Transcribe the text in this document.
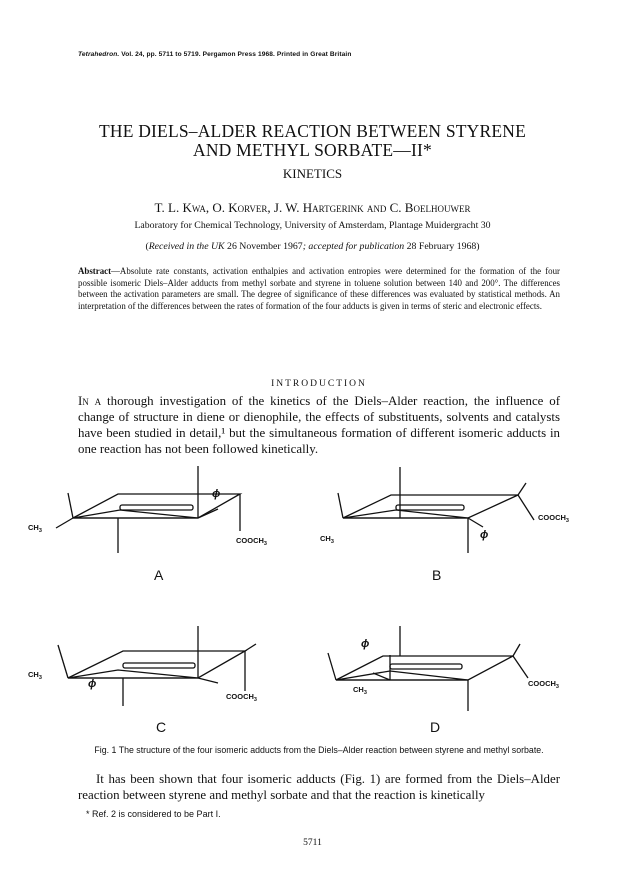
Tetrahedron. Vol. 24, pp. 5711 to 5719. Pergamon Press 1968. Printed in Great Britain
THE DIELS–ALDER REACTION BETWEEN STYRENE
AND METHYL SORBATE—II*
KINETICS
T. L. Kwa, O. Korver, J. W. Hartgerink and C. Boelhouwer
Laboratory for Chemical Technology, University of Amsterdam, Plantage Muidergracht 30
(Received in the UK 26 November 1967; accepted for publication 28 February 1968)
Abstract—Absolute rate constants, activation enthalpies and activation entropies were determined for the formation of the four possible isomeric Diels–Alder adducts from methyl sorbate and styrene in toluene solution between 140 and 200°. The differences between the activation parameters are small. The degree of significance of these differences was evaluated by statistical methods. An interpretation of the differences between the rates of formation of the four adducts is given in terms of steric and electronic effects.
INTRODUCTION
In a thorough investigation of the kinetics of the Diels–Alder reaction, the influence of change of structure in diene or dienophile, the effects of substituents, solvents and catalysts have been studied in detail,¹ but the simultaneous formation of different isomeric adducts in one reaction has not been followed kinetically.
$CH_3$
$COOCH_3$
ϕ
$CH_3$
$COOCH_3$
ϕ
$CH_3$	ϕ
$COOCH_3$
$CH_3$
ϕ
$COOCH_3$
A	B
C	D
Fig. 1 The structure of the four isomeric adducts from the Diels–Alder reaction between styrene and methyl sorbate.
It has been shown that four isomeric adducts (Fig. 1) are formed from the Diels–Alder reaction between styrene and methyl sorbate and that the reaction is kinetically
* Ref. 2 is considered to be Part I.
5711
